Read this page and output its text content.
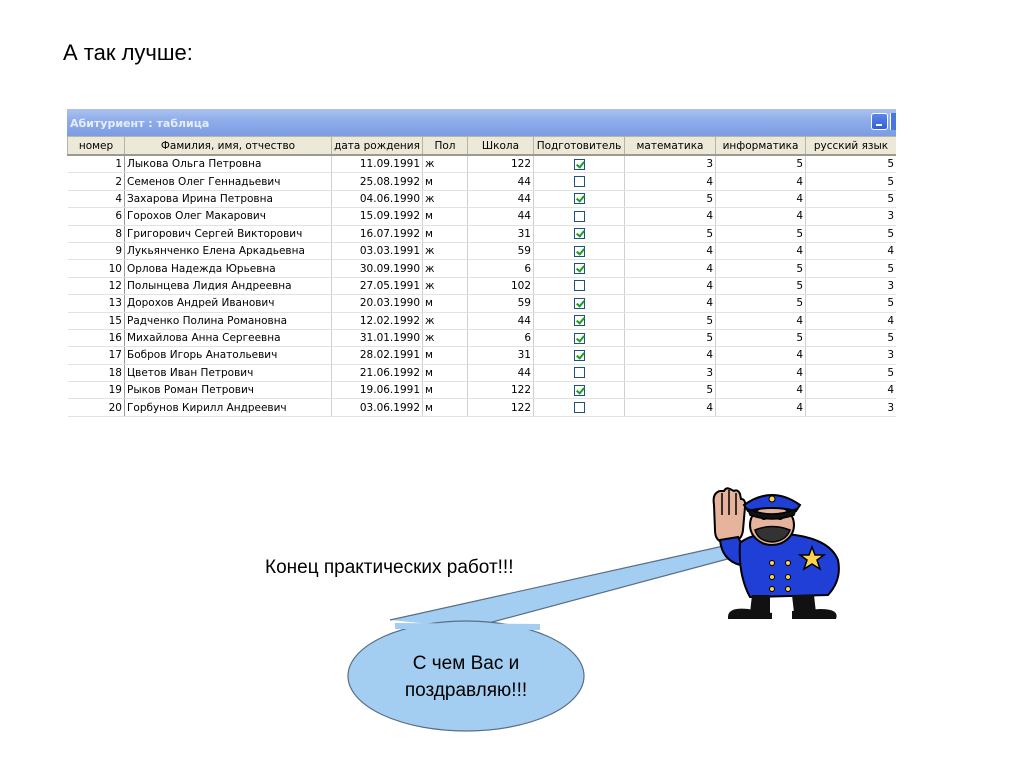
А так лучше:
Абитуриент : таблица
номер	Фамилия, имя, отчество	дата рождения	Пол	Школа	Подготовитель	математика	информатика	русский язык
1	Лыкова Ольга Петровна	11.09.1991	ж	122		3	5	5
2	Семенов Олег Геннадьевич	25.08.1992	м	44		4	4	5
4	Захарова Ирина Петровна	04.06.1990	ж	44		5	4	5
6	Горохов Олег Макарович	15.09.1992	м	44		4	4	3
8	Григорович Сергей Викторович	16.07.1992	м	31		5	5	5
9	Лукьянченко Елена Аркадьевна	03.03.1991	ж	59		4	4	4
10	Орлова Надежда Юрьевна	30.09.1990	ж	6		4	5	5
12	Полынцева Лидия Андреевна	27.05.1991	ж	102		4	5	3
13	Дорохов Андрей Иванович	20.03.1990	м	59		4	5	5
15	Радченко Полина Романовна	12.02.1992	ж	44		5	4	4
16	Михайлова Анна Сергеевна	31.01.1990	ж	6		5	5	5
17	Бобров Игорь Анатольевич	28.02.1991	м	31		4	4	3
18	Цветов Иван Петрович	21.06.1992	м	44		3	4	5
19	Рыков Роман Петрович	19.06.1991	м	122		5	4	4
20	Горбунов Кирилл Андреевич	03.06.1992	м	122		4	4	3
Конец практических работ!!!
С чем Вас и
поздравляю!!!
